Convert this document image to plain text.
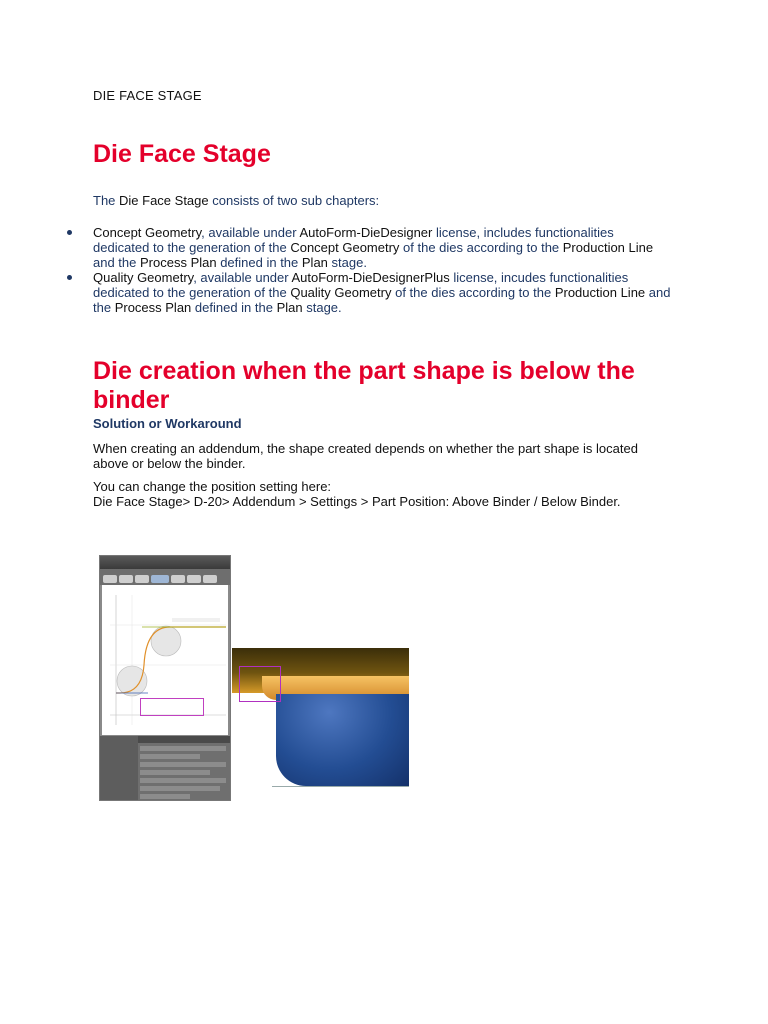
DIE FACE STAGE
Die Face Stage
The Die Face Stage consists of two sub chapters:
Concept Geometry, available under AutoForm-DieDesigner license, includes functionalities dedicated to the generation of the Concept Geometry of the dies according to the Production Line and the Process Plan defined in the Plan stage.
Quality Geometry, available under AutoForm-DieDesignerPlus license, incudes functionalities dedicated to the generation of the Quality Geometry of the dies according to the Production Line and the Process Plan defined in the Plan stage.
Die creation when the part shape is below the binder
Solution or Workaround
When creating an addendum, the shape created depends on whether the part shape is located above or below the binder.
You can change the position setting here:
Die Face Stage> D-20> Addendum > Settings > Part Position: Above Binder / Below Binder.
